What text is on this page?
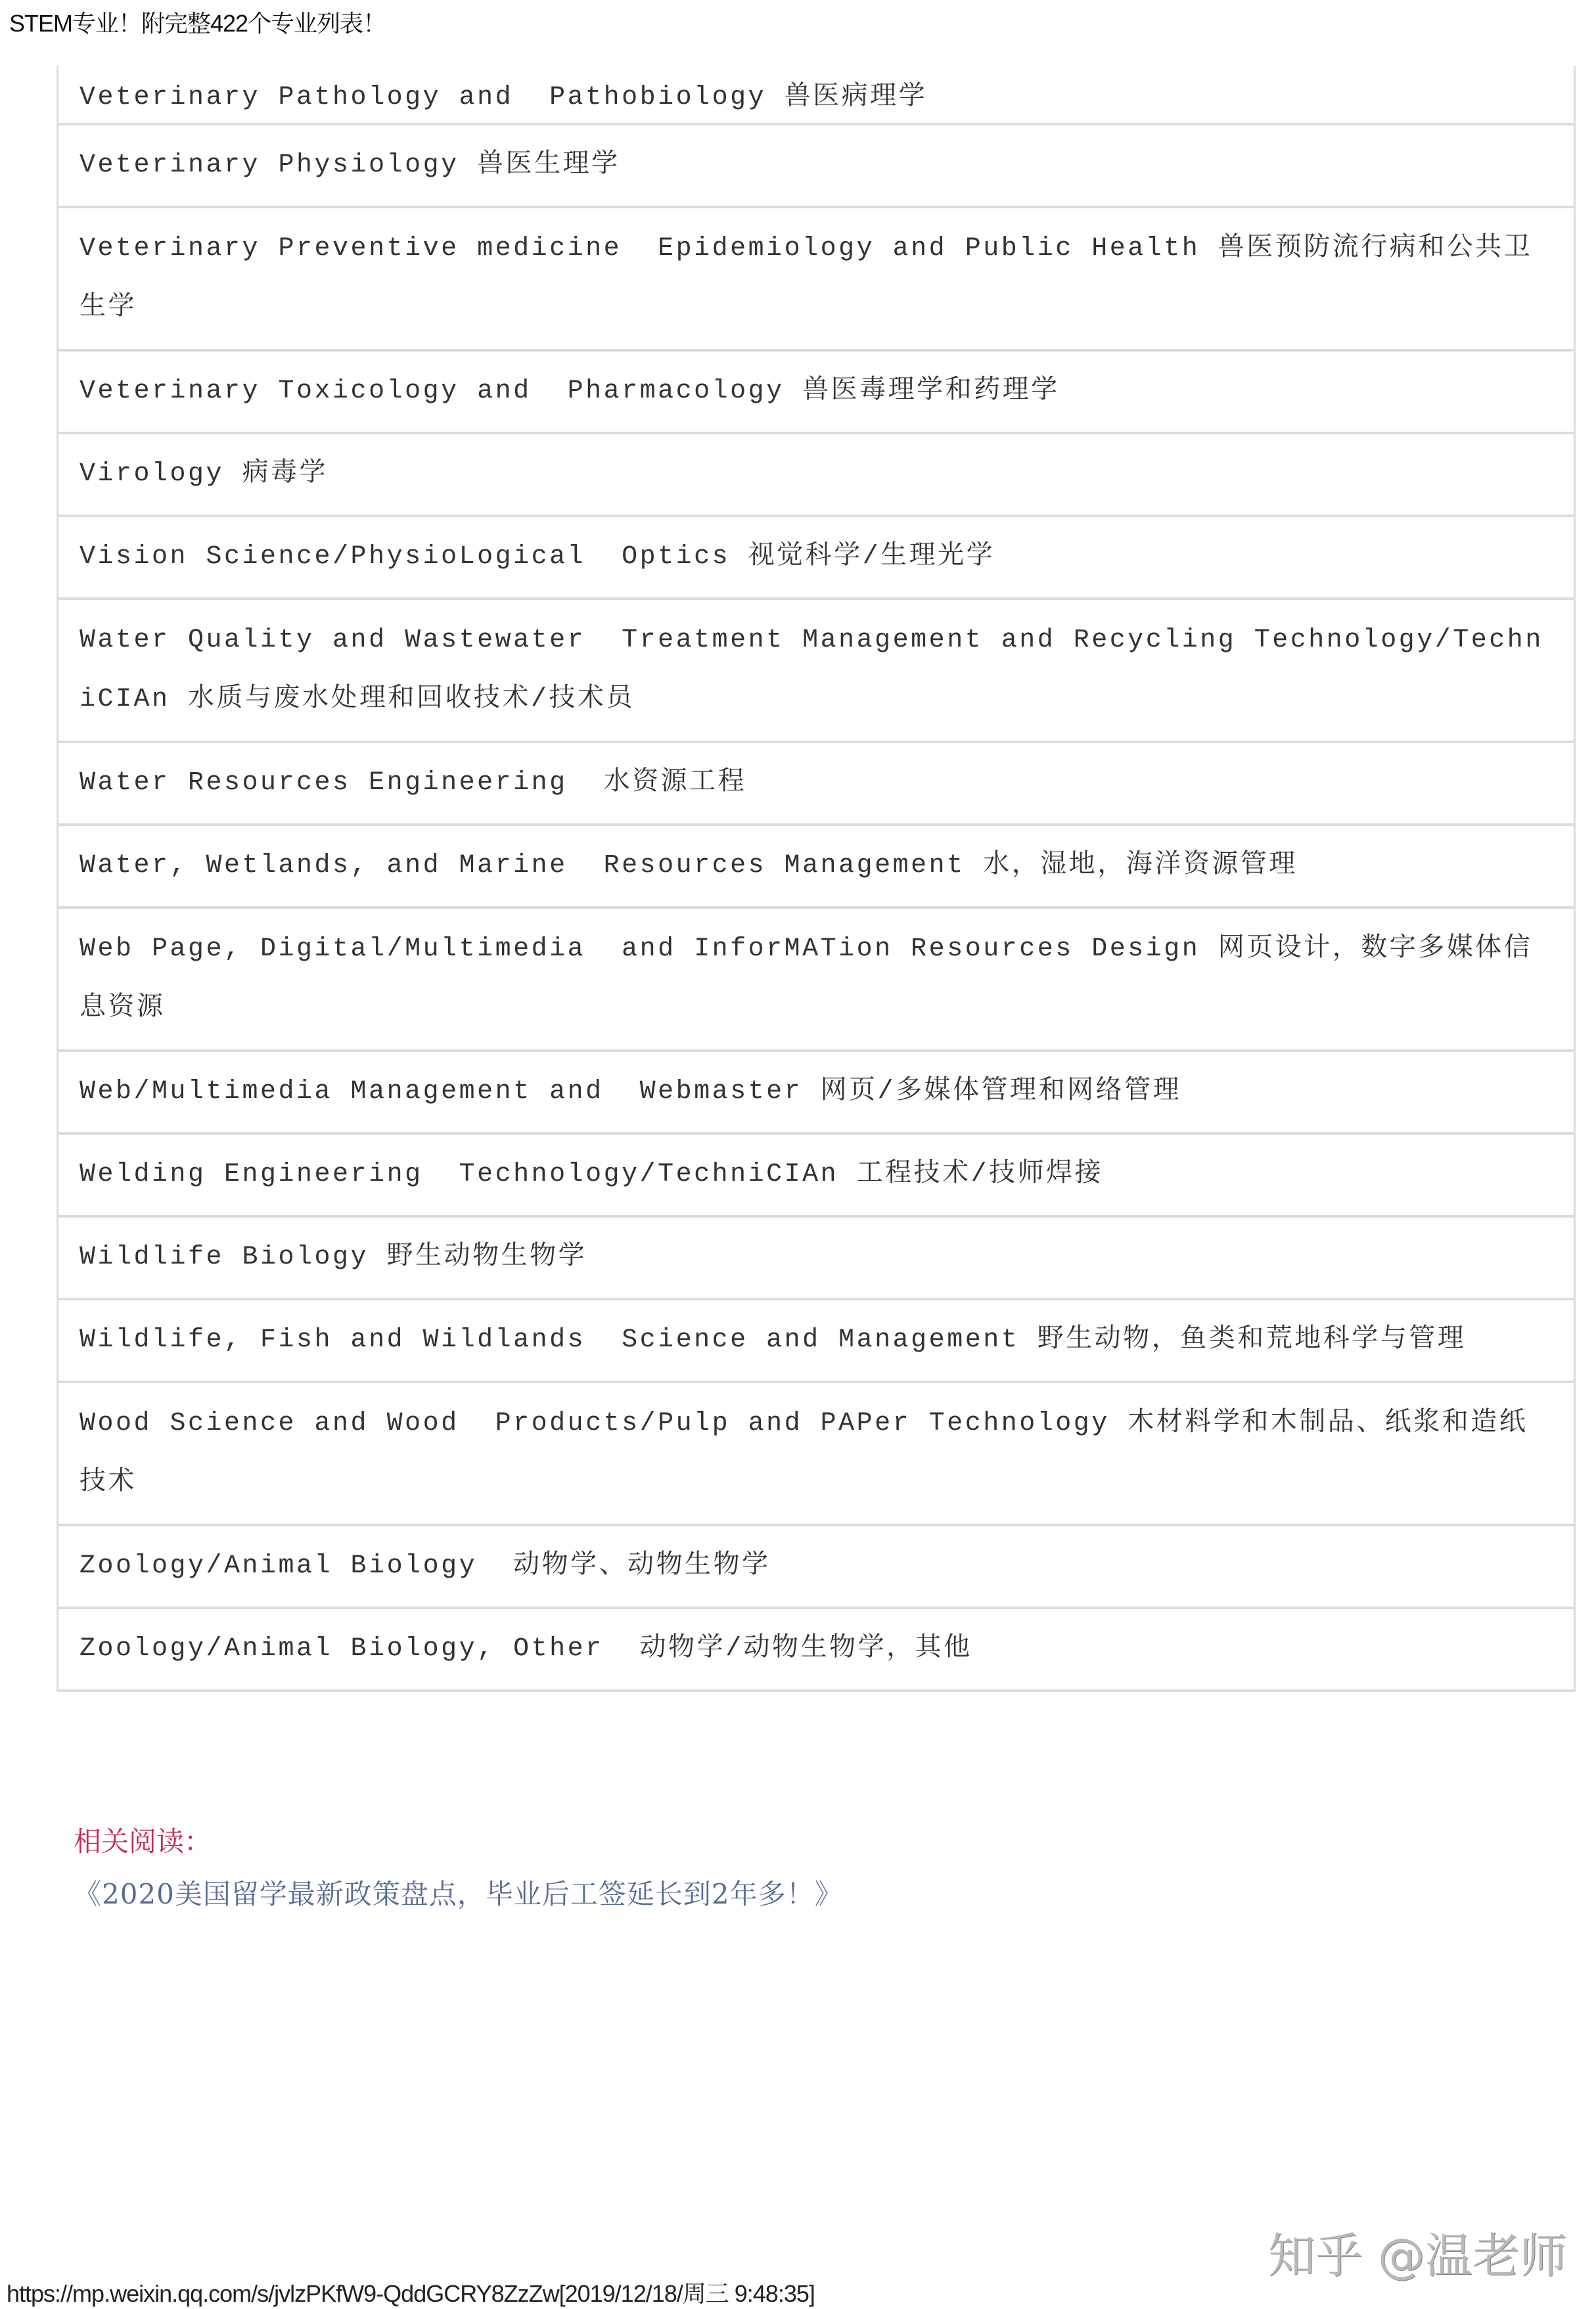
STEM专业！附完整422个专业列表！
Veterinary Pathology and  Pathobiology 兽医病理学
Veterinary Physiology 兽医生理学
Veterinary Preventive medicine  Epidemiology and Public Health 兽医预防流行病和公共卫生学
Veterinary Toxicology and  Pharmacology 兽医毒理学和药理学
Virology 病毒学
Vision Science/PhysioLogical  Optics 视觉科学/生理光学
Water Quality and Wastewater  Treatment Management and Recycling Technology/TechniCIAn 水质与废水处理和回收技术/技术员
Water Resources Engineering  水资源工程
Water, Wetlands, and Marine  Resources Management 水，湿地，海洋资源管理
Web Page, Digital/Multimedia  and InforMATion Resources Design 网页设计，数字多媒体信息资源
Web/Multimedia Management and  Webmaster 网页/多媒体管理和网络管理
Welding Engineering  Technology/TechniCIAn 工程技术/技师焊接
Wildlife Biology 野生动物生物学
Wildlife, Fish and Wildlands  Science and Management 野生动物，鱼类和荒地科学与管理
Wood Science and Wood  Products/Pulp and PAPer Technology 木材料学和木制品、纸浆和造纸技术
Zoology/Animal Biology  动物学、动物生物学
Zoology/Animal Biology, Other  动物学/动物生物学，其他
相关阅读：
《2020美国留学最新政策盘点，毕业后工签延长到2年多！》
知乎 @温老师
https://mp.weixin.qq.com/s/jvlzPKfW9-QddGCRY8ZzZw[2019/12/18/周三 9:48:35]
